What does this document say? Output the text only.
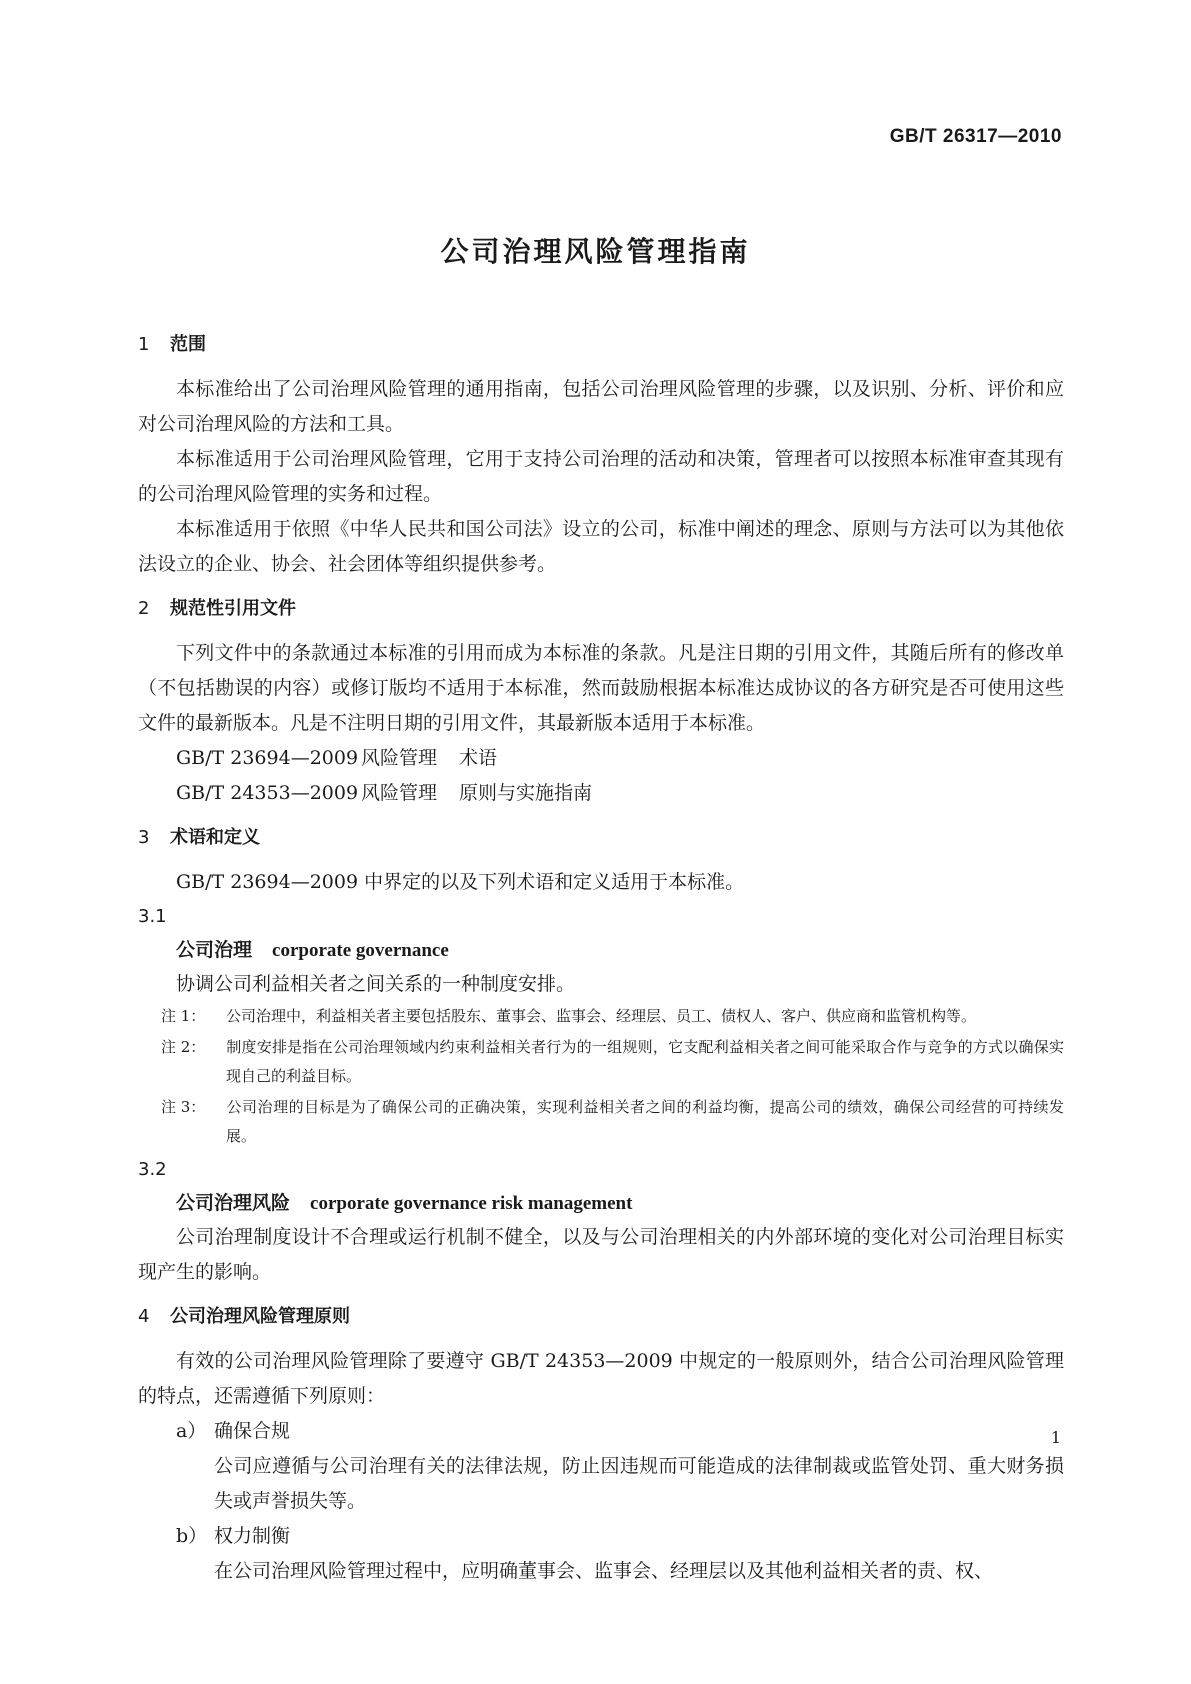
GB/T 26317—2010
公司治理风险管理指南
1 范围

本标准给出了公司治理风险管理的通用指南，包括公司治理风险管理的步骤，以及识别、分析、评价和应对公司治理风险的方法和工具。

本标准适用于公司治理风险管理，它用于支持公司治理的活动和决策，管理者可以按照本标准审查其现有的公司治理风险管理的实务和过程。

本标准适用于依照《中华人民共和国公司法》设立的公司，标准中阐述的理念、原则与方法可以为其他依法设立的企业、协会、社会团体等组织提供参考。

2 规范性引用文件

下列文件中的条款通过本标准的引用而成为本标准的条款。凡是注日期的引用文件，其随后所有的修改单（不包括勘误的内容）或修订版均不适用于本标准，然而鼓励根据本标准达成协议的各方研究是否可使用这些文件的最新版本。凡是不注明日期的引用文件，其最新版本适用于本标准。

GB/T 23694—2009 风险管理 术语

GB/T 24353—2009 风险管理 原则与实施指南

3 术语和定义

GB/T 23694—2009 中界定的以及下列术语和定义适用于本标准。

3.1

公司治理 corporate governance

协调公司利益相关者之间关系的一种制度安排。

注 1： 公司治理中，利益相关者主要包括股东、董事会、监事会、经理层、员工、债权人、客户、供应商和监管机构等。

注 2： 制度安排是指在公司治理领域内约束利益相关者行为的一组规则，它支配利益相关者之间可能采取合作与竞争的方式以确保实现自己的利益目标。

注 3： 公司治理的目标是为了确保公司的正确决策，实现利益相关者之间的利益均衡，提高公司的绩效，确保公司经营的可持续发展。

3.2

公司治理风险 corporate governance risk management

公司治理制度设计不合理或运行机制不健全，以及与公司治理相关的内外部环境的变化对公司治理目标实现产生的影响。

4 公司治理风险管理原则

有效的公司治理风险管理除了要遵守 GB/T 24353—2009 中规定的一般原则外，结合公司治理风险管理的特点，还需遵循下列原则：

a） 确保合规

公司应遵循与公司治理有关的法律法规，防止因违规而可能造成的法律制裁或监管处罚、重大财务损失或声誉损失等。

b） 权力制衡

在公司治理风险管理过程中，应明确董事会、监事会、经理层以及其他利益相关者的责、权、

1
